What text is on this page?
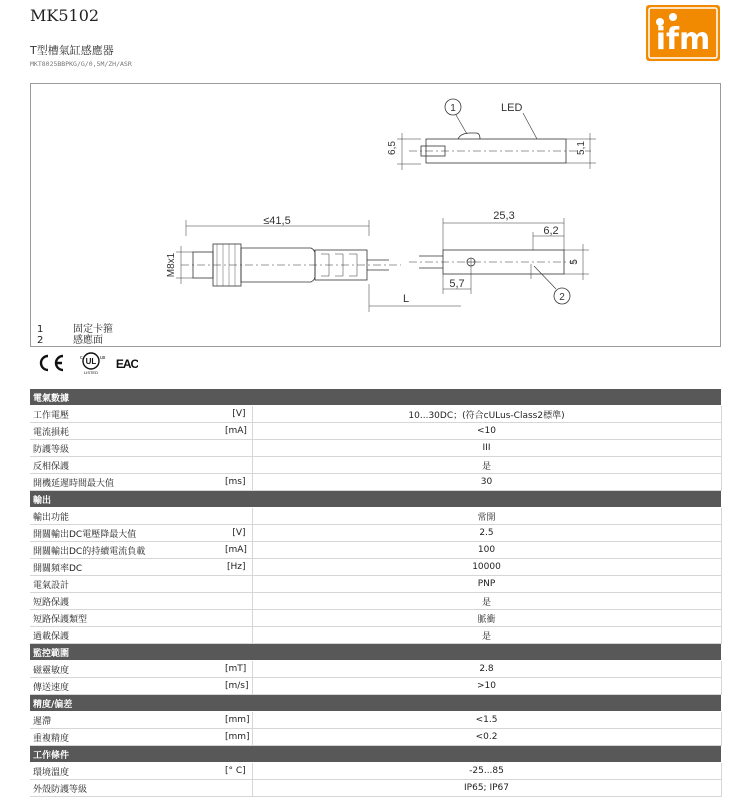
MK5102
T型槽氣缸感應器
MKT8025BBPKG/G/0,5M/ZH/ASR
ifm
1	LED
6,5	5,1
≤41,5
M8x1
L
25,3
6,2
5
5,7
2
1	固定卡箍
2	感應面
UL
c	us
LISTED
EAC
電氣數據		
工作電壓	[V]	10...30DC；(符合cULus-Class2標準)
電流損耗	[mA]	<10
防護等級		III
反相保護		是
開機延遲時間最大值	[ms]	30
輸出		
輸出功能		常開
開關輸出DC電壓降最大值	[V]	2.5
開關輸出DC的持續電流負載	[mA]	100
開關頻率DC	[Hz]	10000
電氣設計		PNP
短路保護		是
短路保護類型		脈衝
過載保護		是
監控範圍		
磁靈敏度	[mT]	2.8
傳送速度	[m/s]	>10
精度/偏差		
遲滯	[mm]	<1.5
重複精度	[mm]	<0.2
工作條件		
環境溫度	[° C]	-25...85
外殼防護等級		IP65; IP67
